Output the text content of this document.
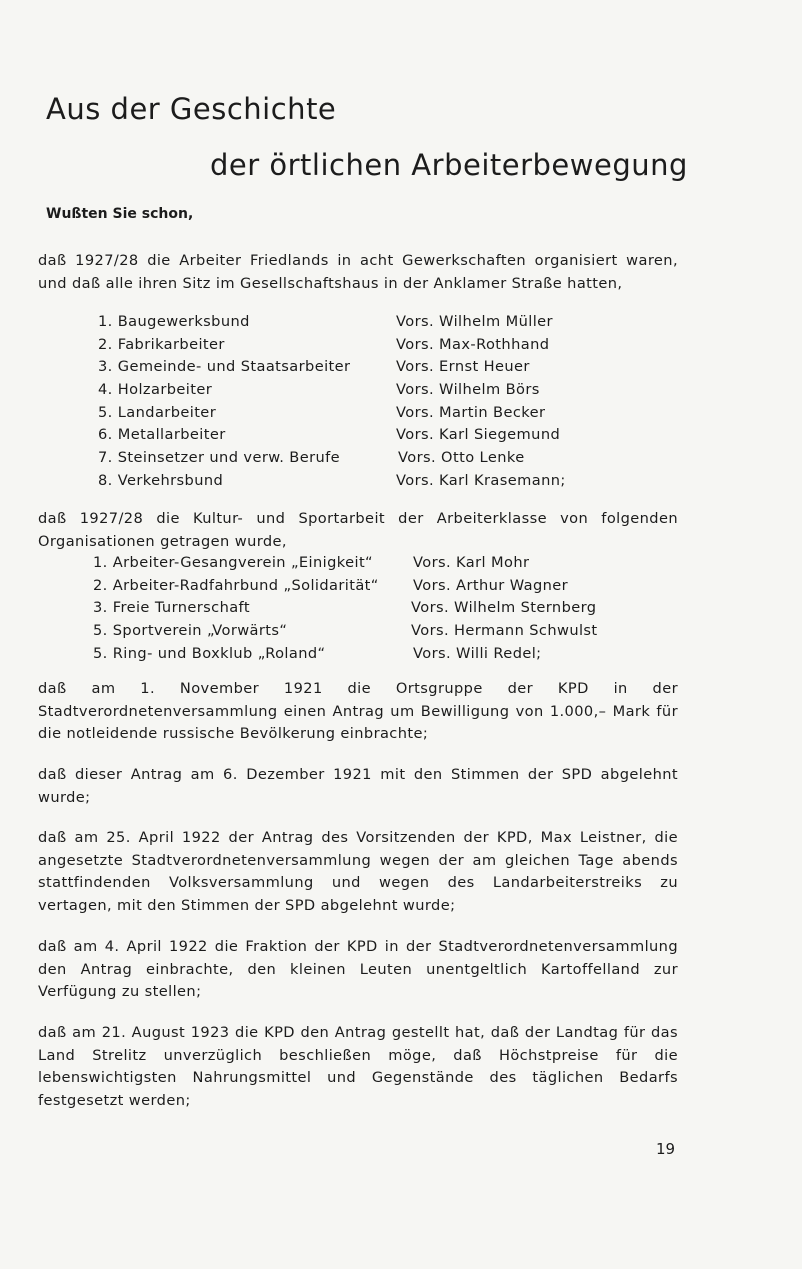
Aus der Geschichte
der örtlichen Arbeiterbewegung
Wußten Sie schon,

daß 1927/28 die Arbeiter Friedlands in acht Gewerkschaften organisiert waren, und daß alle ihren Sitz im Gesellschaftshaus in der Anklamer Straße hatten,

1. Baugewerksbund	Vors. Wilhelm Müller
2. Fabrikarbeiter	Vors. Max-Rothhand
3. Gemeinde- und Staatsarbeiter	Vors. Ernst Heuer
4. Holzarbeiter	Vors. Wilhelm Börs
5. Landarbeiter	Vors. Martin Becker
6. Metallarbeiter	Vors. Karl Siegemund
7. Steinsetzer und verw. Berufe	Vors. Otto Lenke
8. Verkehrsbund	Vors. Karl Krasemann;

daß 1927/28 die Kultur- und Sportarbeit der Arbeiterklasse von folgenden Organisationen getragen wurde,

1. Arbeiter-Gesangverein „Einigkeit“	Vors. Karl Mohr
2. Arbeiter-Radfahrbund „Solidarität“ Vors. Arthur Wagner
3. Freie Turnerschaft	Vors. Wilhelm Sternberg
5. Sportverein „Vorwärts“	Vors. Hermann Schwulst
5. Ring- und Boxklub „Roland“	Vors. Willi Redel;

daß am 1. November 1921 die Ortsgruppe der KPD in der Stadtverordnetenversammlung einen Antrag um Bewilligung von 1.000,– Mark für die notleidende russische Bevölkerung einbrachte;

daß dieser Antrag am 6. Dezember 1921 mit den Stimmen der SPD abgelehnt wurde;

daß am 25. April 1922 der Antrag des Vorsitzenden der KPD, Max Leistner, die angesetzte Stadtverordnetenversammlung wegen der am gleichen Tage abends stattfindenden Volksversammlung und wegen des Landarbeiterstreiks zu vertagen, mit den Stimmen der SPD abgelehnt wurde;

daß am 4. April 1922 die Fraktion der KPD in der Stadtverordnetenversammlung den Antrag einbrachte, den kleinen Leuten unentgeltlich Kartoffelland zur Verfügung zu stellen;

daß am 21. August 1923 die KPD den Antrag gestellt hat, daß der Landtag für das Land Strelitz unverzüglich beschließen möge, daß Höchstpreise für die lebenswichtigsten Nahrungsmittel und Gegenstände des täglichen Bedarfs festgesetzt werden;

19
